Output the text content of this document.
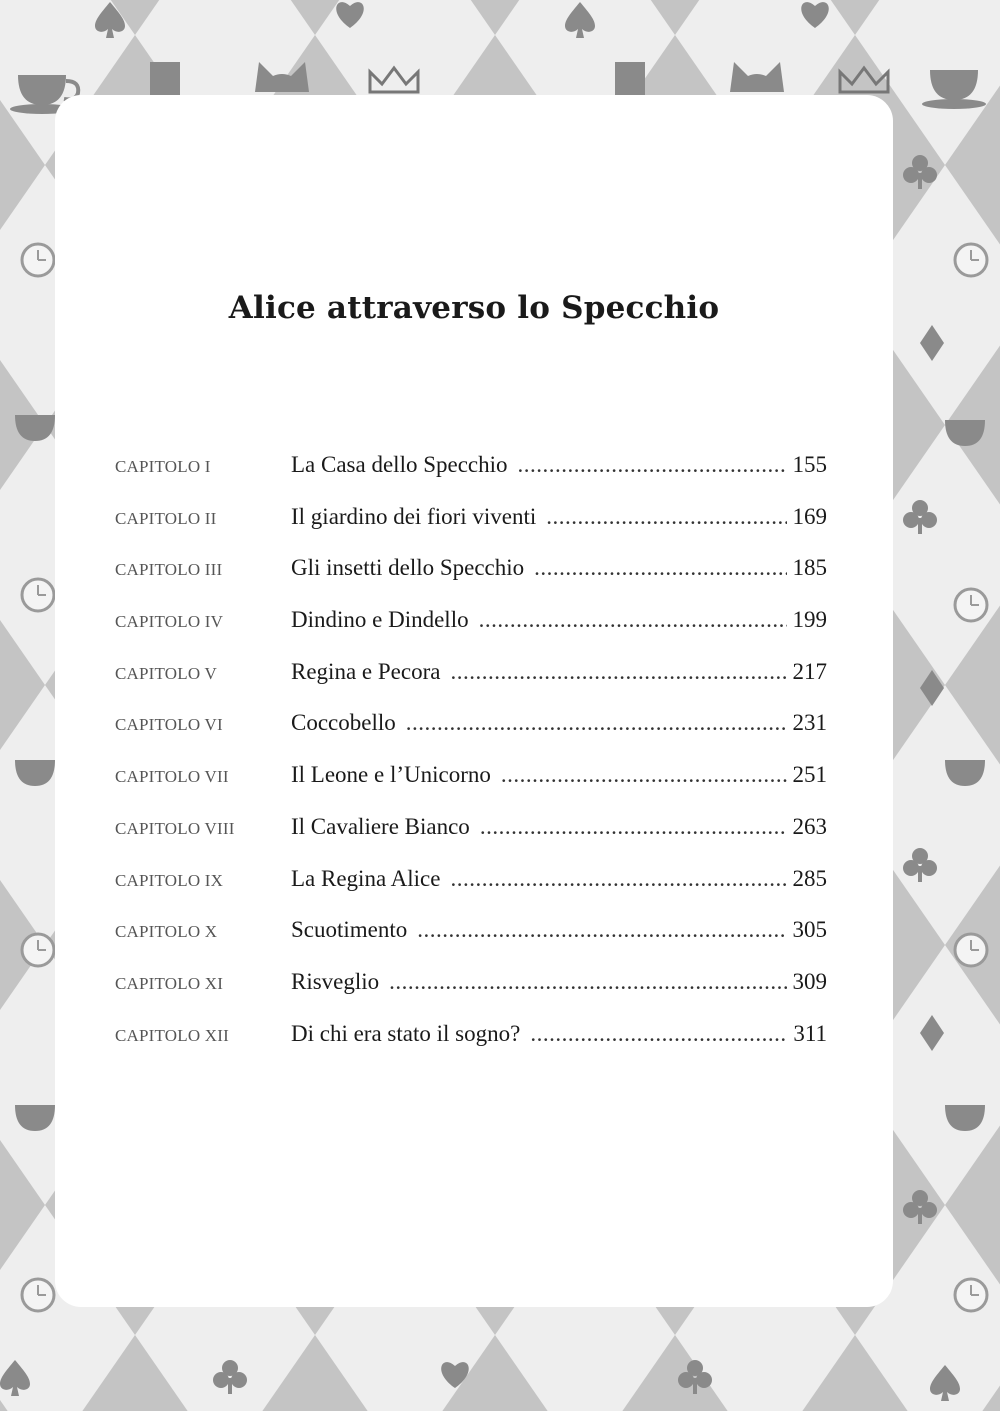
Alice attraverso lo Specchio
CAPITOLO I	La Casa dello Specchio .....	155
CAPITOLO II	Il giardino dei fiori viventi .....	169
CAPITOLO III	Gli insetti dello Specchio .....	185
CAPITOLO IV	Dindino e Dindello .....	199
CAPITOLO V	Regina e Pecora .....	217
CAPITOLO VI	Coccobello .....	231
CAPITOLO VII	Il Leone e l’Unicorno .....	251
CAPITOLO VIII	Il Cavaliere Bianco .....	263
CAPITOLO IX	La Regina Alice .....	285
CAPITOLO X	Scuotimento .....	305
CAPITOLO XI	Risveglio .....	309
CAPITOLO XII	Di chi era stato il sogno? .....	311
